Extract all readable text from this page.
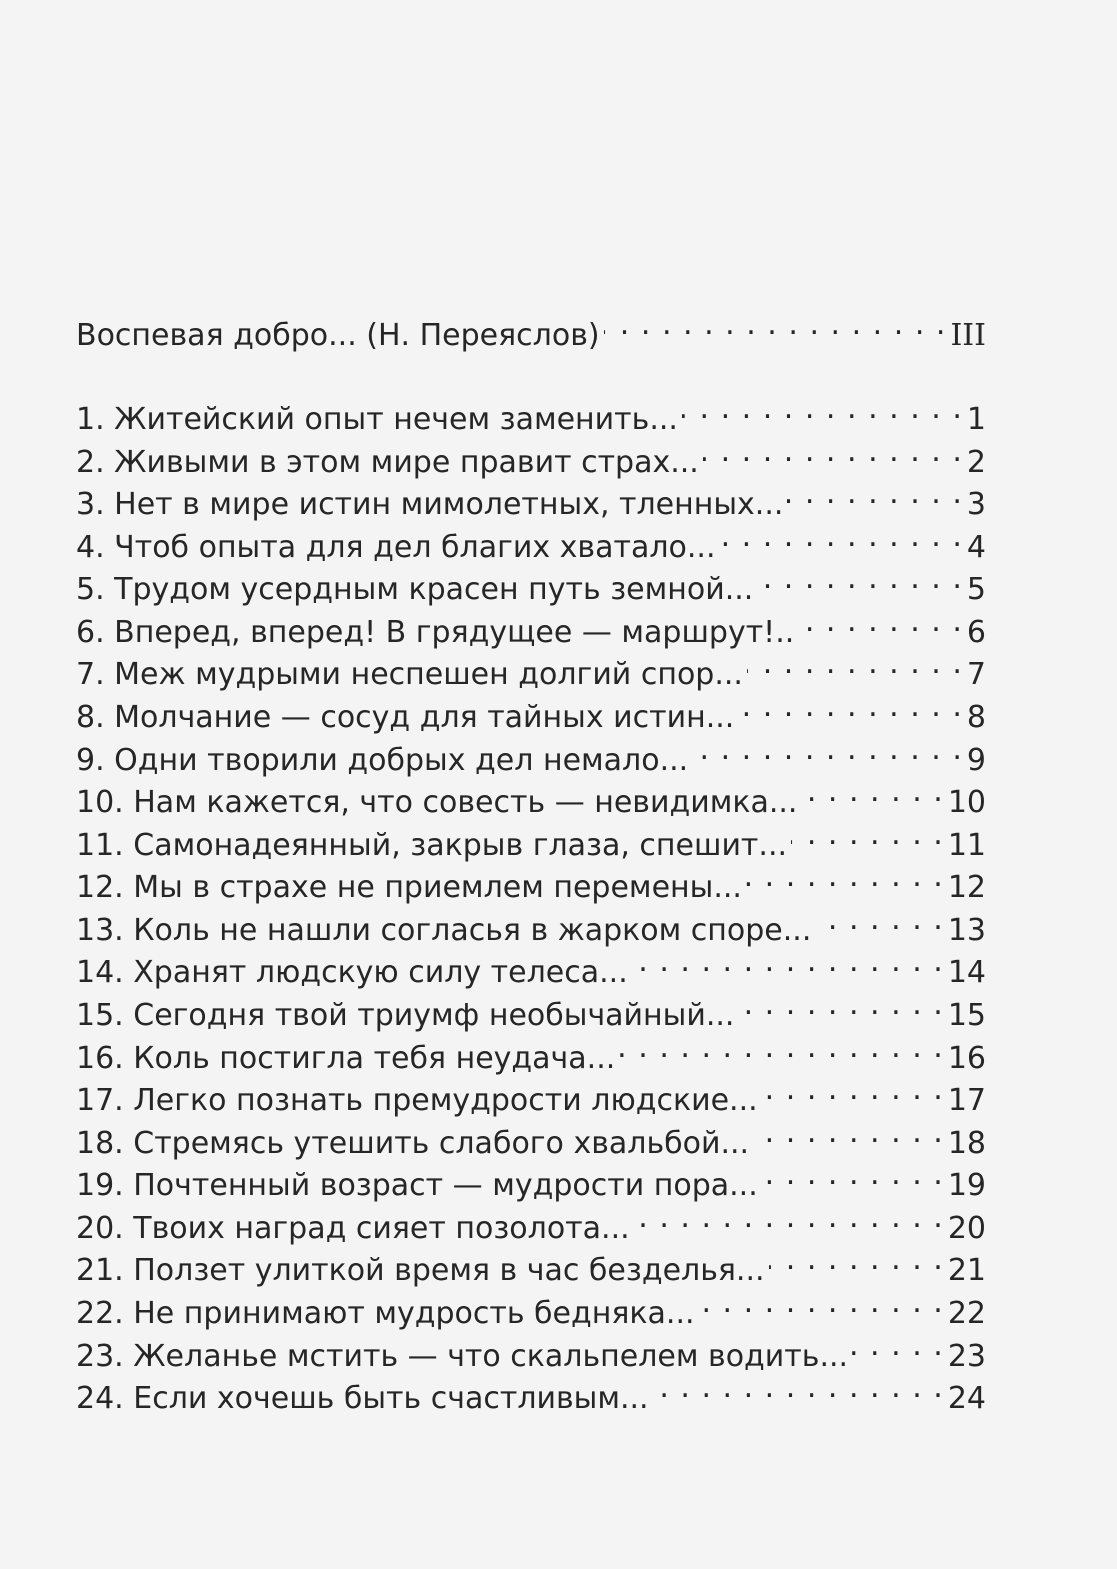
Воспевая добро... (Н. Переяслов) . . .	III
1. Житейский опыт нечем заменить... . . .	1
2. Живыми в этом мире правит страх... . . .	2
3. Нет в мире истин мимолетных, тленных... . . .	3
4. Чтоб опыта для дел благих хватало... . . .	4
5. Трудом усердным красен путь земной... . . .	5
6. Вперед, вперед! В грядущее — маршрут!.. . . .	6
7. Меж мудрыми неспешен долгий спор... . . .	7
8. Молчание — сосуд для тайных истин... . . .	8
9. Одни творили добрых дел немало... . . .	9
10. Нам кажется, что совесть — невидимка... . . .	10
11. Самонадеянный, закрыв глаза, спешит... . . .	11
12. Мы в страхе не приемлем перемены... . . .	12
13. Коль не нашли согласья в жарком споре... . . .	13
14. Хранят людскую силу телеса... . . .	14
15. Сегодня твой триумф необычайный... . . .	15
16. Коль постигла тебя неудача... . . .	16
17. Легко познать премудрости людские... . . .	17
18. Стремясь утешить слабого хвальбой... . . .	18
19. Почтенный возраст — мудрости пора... . . .	19
20. Твоих наград сияет позолота... . . .	20
21. Ползет улиткой время в час безделья... . . .	21
22. Не принимают мудрость бедняка... . . .	22
23. Желанье мстить — что скальпелем водить... . . .	23
24. Если хочешь быть счастливым... . . .	24
